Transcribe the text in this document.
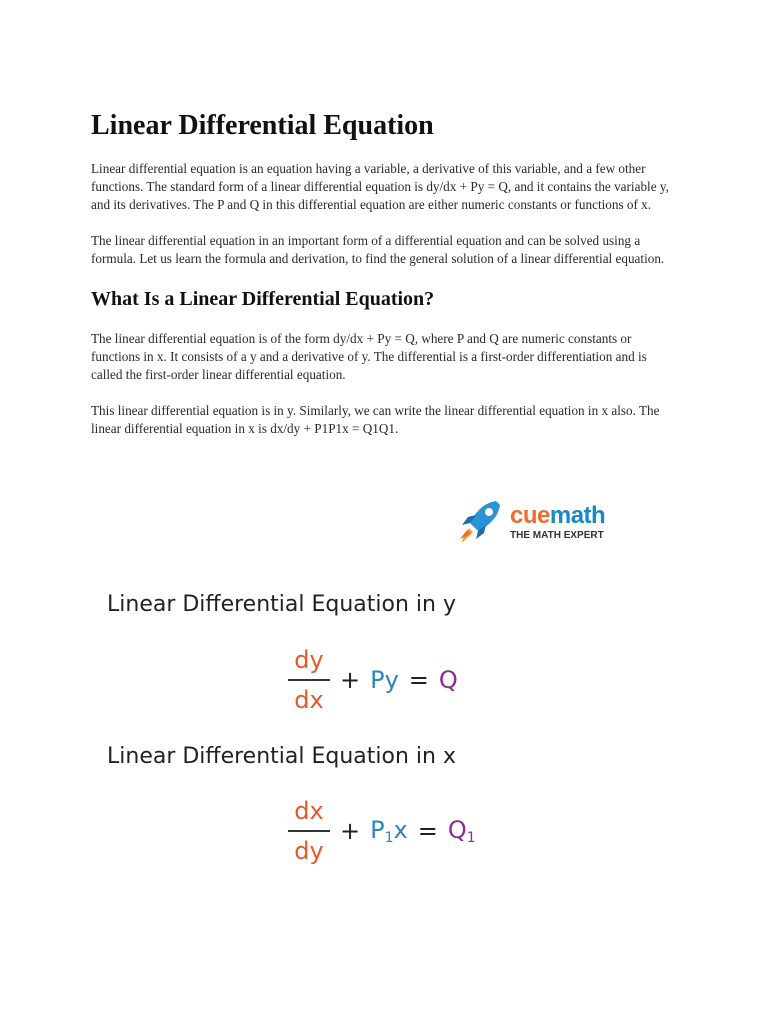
Linear Differential Equation

Linear differential equation is an equation having a variable, a derivative of this variable, and a few other functions. The standard form of a linear differential equation is dy/dx + Py = Q, and it contains the variable y, and its derivatives. The P and Q in this differential equation are either numeric constants or functions of x.

The linear differential equation in an important form of a differential equation and can be solved using a formula. Let us learn the formula and derivation, to find the general solution of a linear differential equation.

What Is a Linear Differential Equation?

The linear differential equation is of the form dy/dx + Py = Q, where P and Q are numeric constants or functions in x. It consists of a y and a derivative of y. The differential is a first-order differentiation and is called the first-order linear differential equation.

This linear differential equation is in y. Similarly, we can write the linear differential equation in x also. The linear differential equation in x is dx/dy + P1P1x = Q1Q1.

cuemath
THE MATH EXPERT
Linear Differential Equation in y
$\frac{dy}{dx} + Py = Q$
Linear Differential Equation in x
$\frac{dx}{dy} + P_1x = Q_1$
